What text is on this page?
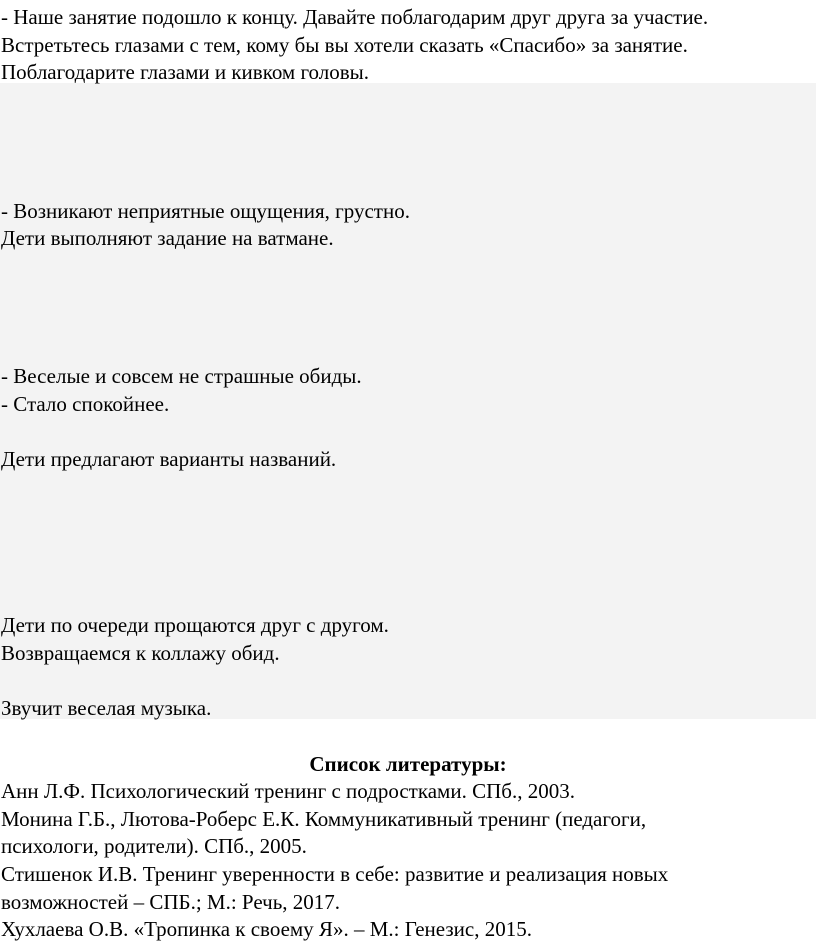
- Наше занятие подошло к концу. Давайте поблагодарим друг друга за участие.
Встретьтесь глазами с тем, кому бы вы хотели сказать «Спасибо» за занятие.
Поблагодарите глазами и кивком головы.
- Возникают неприятные ощущения, грустно.
Дети выполняют задание на ватмане.
- Веселые и совсем не страшные обиды.
- Стало спокойнее.
Дети предлагают варианты названий.
Дети по очереди прощаются друг с другом.
Возвращаемся к коллажу обид.
Звучит веселая музыка.
Список литературы:
Анн Л.Ф. Психологический тренинг с подростками. СПб., 2003.
Монина Г.Б., Лютова-Роберс Е.К. Коммуникативный тренинг (педагоги,
психологи, родители). СПб., 2005.
Стишенок И.В. Тренинг уверенности в себе: развитие и реализация новых
возможностей – СПБ.; М.: Речь, 2017.
Хухлаева О.В. «Тропинка к своему Я». – М.: Генезис, 2015.
